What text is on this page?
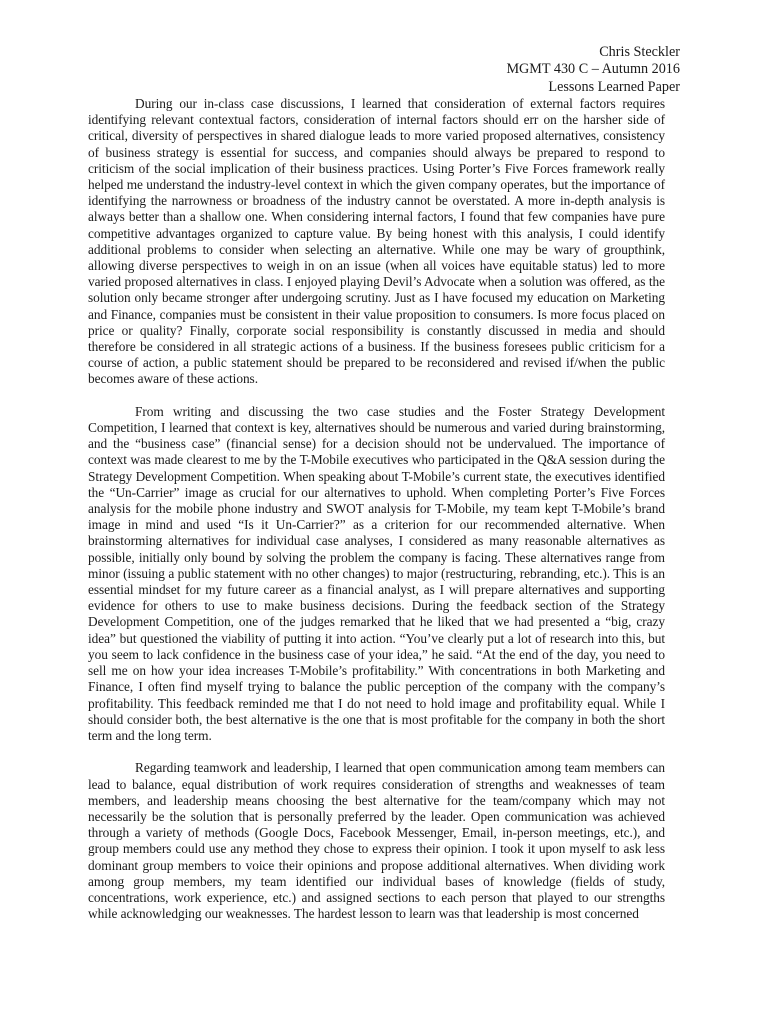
Chris Steckler
MGMT 430 C – Autumn 2016
Lessons Learned Paper

During our in-class case discussions, I learned that consideration of external factors requires identifying relevant contextual factors, consideration of internal factors should err on the harsher side of critical, diversity of perspectives in shared dialogue leads to more varied proposed alternatives, consistency of business strategy is essential for success, and companies should always be prepared to respond to criticism of the social implication of their business practices. Using Porter’s Five Forces framework really helped me understand the industry-level context in which the given company operates, but the importance of identifying the narrowness or broadness of the industry cannot be overstated. A more in-depth analysis is always better than a shallow one. When considering internal factors, I found that few companies have pure competitive advantages organized to capture value. By being honest with this analysis, I could identify additional problems to consider when selecting an alternative. While one may be wary of groupthink, allowing diverse perspectives to weigh in on an issue (when all voices have equitable status) led to more varied proposed alternatives in class. I enjoyed playing Devil’s Advocate when a solution was offered, as the solution only became stronger after undergoing scrutiny. Just as I have focused my education on Marketing and Finance, companies must be consistent in their value proposition to consumers. Is more focus placed on price or quality? Finally, corporate social responsibility is constantly discussed in media and should therefore be considered in all strategic actions of a business. If the business foresees public criticism for a course of action, a public statement should be prepared to be reconsidered and revised if/when the public becomes aware of these actions.

From writing and discussing the two case studies and the Foster Strategy Development Competition, I learned that context is key, alternatives should be numerous and varied during brainstorming, and the “business case” (financial sense) for a decision should not be undervalued. The importance of context was made clearest to me by the T-Mobile executives who participated in the Q&A session during the Strategy Development Competition. When speaking about T-Mobile’s current state, the executives identified the “Un-Carrier” image as crucial for our alternatives to uphold. When completing Porter’s Five Forces analysis for the mobile phone industry and SWOT analysis for T-Mobile, my team kept T-Mobile’s brand image in mind and used “Is it Un-Carrier?” as a criterion for our recommended alternative. When brainstorming alternatives for individual case analyses, I considered as many reasonable alternatives as possible, initially only bound by solving the problem the company is facing. These alternatives range from minor (issuing a public statement with no other changes) to major (restructuring, rebranding, etc.). This is an essential mindset for my future career as a financial analyst, as I will prepare alternatives and supporting evidence for others to use to make business decisions. During the feedback section of the Strategy Development Competition, one of the judges remarked that he liked that we had presented a “big, crazy idea” but questioned the viability of putting it into action. “You’ve clearly put a lot of research into this, but you seem to lack confidence in the business case of your idea,” he said. “At the end of the day, you need to sell me on how your idea increases T-Mobile’s profitability.” With concentrations in both Marketing and Finance, I often find myself trying to balance the public perception of the company with the company’s profitability. This feedback reminded me that I do not need to hold image and profitability equal. While I should consider both, the best alternative is the one that is most profitable for the company in both the short term and the long term.

Regarding teamwork and leadership, I learned that open communication among team members can lead to balance, equal distribution of work requires consideration of strengths and weaknesses of team members, and leadership means choosing the best alternative for the team/company which may not necessarily be the solution that is personally preferred by the leader. Open communication was achieved through a variety of methods (Google Docs, Facebook Messenger, Email, in-person meetings, etc.), and group members could use any method they chose to express their opinion. I took it upon myself to ask less dominant group members to voice their opinions and propose additional alternatives. When dividing work among group members, my team identified our individual bases of knowledge (fields of study, concentrations, work experience, etc.) and assigned sections to each person that played to our strengths while acknowledging our weaknesses. The hardest lesson to learn was that leadership is most concerned
